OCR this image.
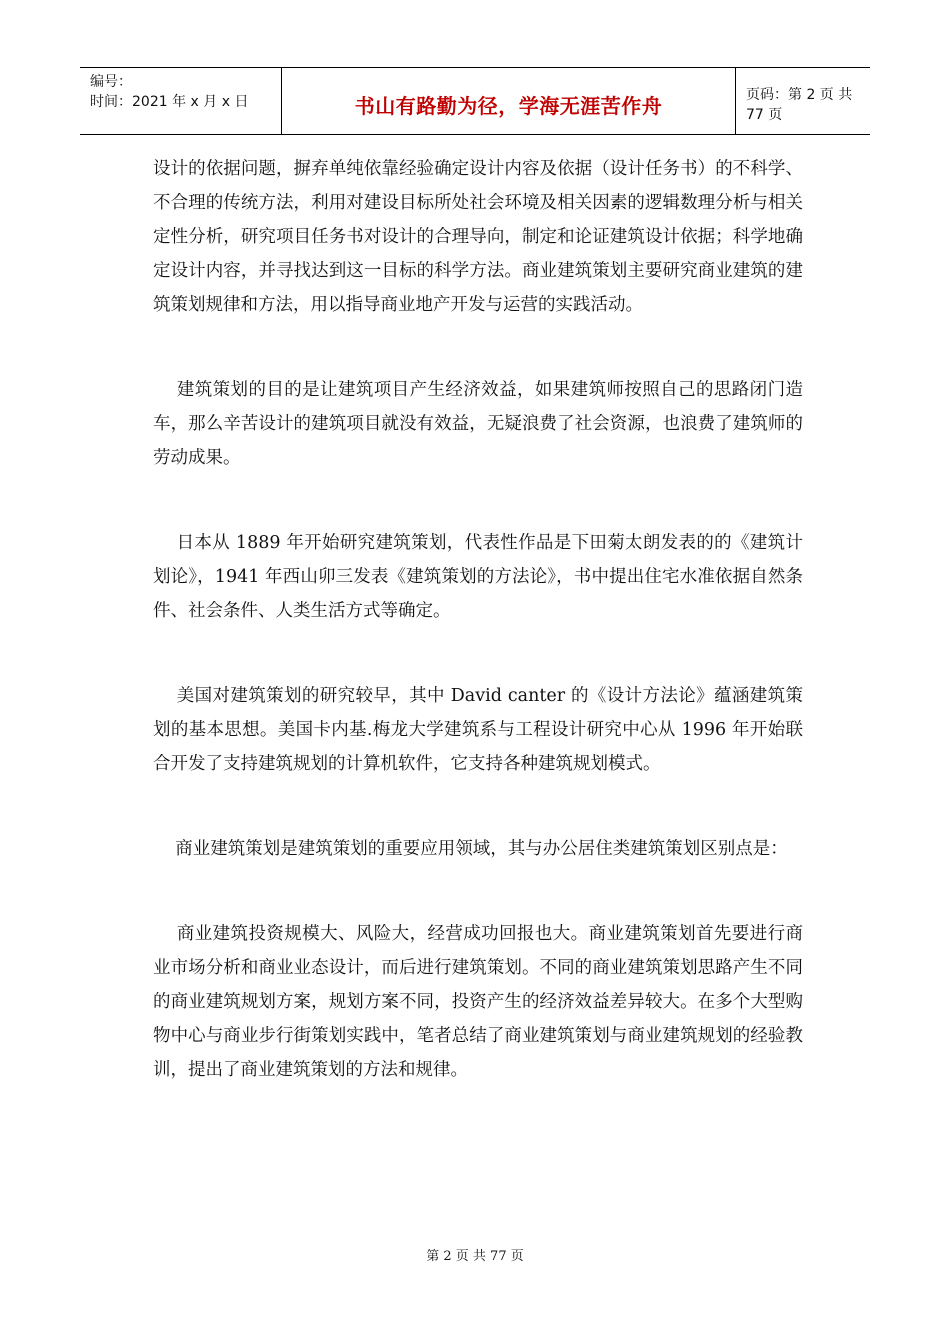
编号：
时间：2021 年 x 月 x 日	书山有路勤为径，学海无涯苦作舟	页码：第 2 页 共 77 页

设计的依据问题，摒弃单纯依靠经验确定设计内容及依据（设计任务书）的不科学、不合理的传统方法，利用对建设目标所处社会环境及相关因素的逻辑数理分析与相关定性分析，研究项目任务书对设计的合理导向，制定和论证建筑设计依据；科学地确定设计内容，并寻找达到这一目标的科学方法。商业建筑策划主要研究商业建筑的建筑策划规律和方法，用以指导商业地产开发与运营的实践活动。

建筑策划的目的是让建筑项目产生经济效益，如果建筑师按照自己的思路闭门造车，那么辛苦设计的建筑项目就没有效益，无疑浪费了社会资源，也浪费了建筑师的劳动成果。

日本从 1889 年开始研究建筑策划，代表性作品是下田菊太朗发表的的《建筑计划论》，1941 年西山卯三发表《建筑策划的方法论》，书中提出住宅水准依据自然条件、社会条件、人类生活方式等确定。

美国对建筑策划的研究较早，其中 David canter 的《设计方法论》蕴涵建筑策划的基本思想。美国卡内基.梅龙大学建筑系与工程设计研究中心从 1996 年开始联合开发了支持建筑规划的计算机软件，它支持各种建筑规划模式。

商业建筑策划是建筑策划的重要应用领域，其与办公居住类建筑策划区别点是：

商业建筑投资规模大、风险大，经营成功回报也大。商业建筑策划首先要进行商业市场分析和商业业态设计，而后进行建筑策划。不同的商业建筑策划思路产生不同的商业建筑规划方案，规划方案不同，投资产生的经济效益差异较大。在多个大型购物中心与商业步行街策划实践中，笔者总结了商业建筑策划与商业建筑规划的经验教训，提出了商业建筑策划的方法和规律。

第 2 页 共 77 页
